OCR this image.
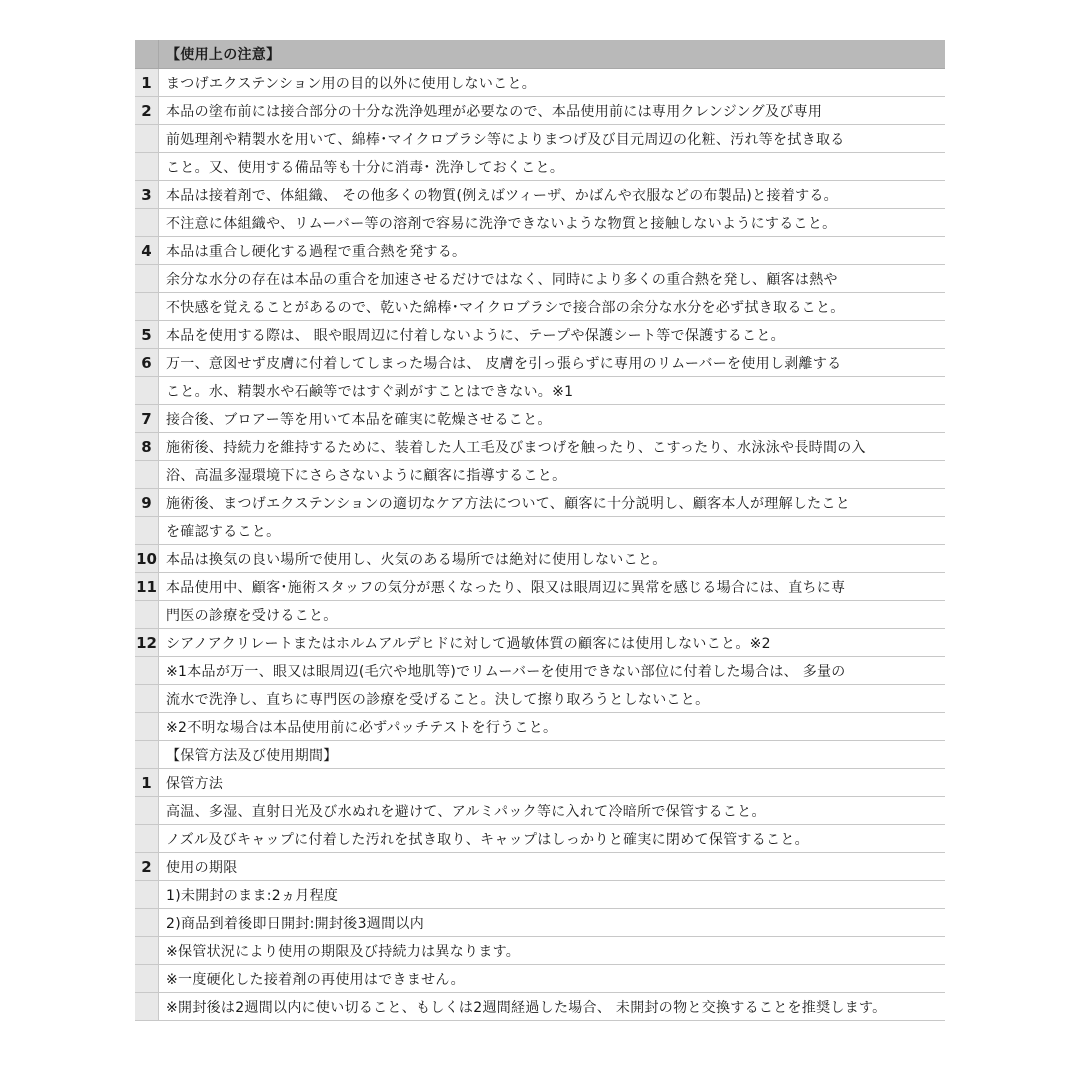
【使用上の注意】
1	まつげエクステンション用の目的以外に使用しないこと。
2	本品の塗布前には接合部分の十分な洗浄処理が必要なので、本品使用前には専用クレンジング及び専用
前処理剤や精製水を用いて、綿棒･マイクロブラシ等によりまつげ及び目元周辺の化粧、汚れ等を拭き取る
こと。又、使用する備品等も十分に消毒･ 洗浄しておくこと。
3	本品は接着剤で、体組織、 その他多くの物質(例えばツィーザ、かばんや衣服などの布製品)と接着する。
不注意に体組織や、リムーバー等の溶剤で容易に洗浄できないような物質と接触しないようにすること。
4	本品は重合し硬化する過程で重合熱を発する。
余分な水分の存在は本品の重合を加速させるだけではなく、同時により多くの重合熱を発し、顧客は熱や
不快感を覚えることがあるので、乾いた綿棒･マイクロブラシで接合部の余分な水分を必ず拭き取ること。
5	本品を使用する際は、 眼や眼周辺に付着しないように、テープや保護シート等で保護すること。
6	万一、意図せず皮膚に付着してしまった場合は、 皮膚を引っ張らずに専用のリムーバーを使用し剥離する
こと。水、精製水や石鹸等ではすぐ剥がすことはできない。※1
7	接合後、ブロアー等を用いて本品を確実に乾燥させること。
8	施術後、持続力を維持するために、装着した人工毛及びまつげを触ったり、こすったり、水泳泳や長時間の入
浴、高温多湿環境下にさらさないように顧客に指導すること。
9	施術後、まつげエクステンションの適切なケア方法について、顧客に十分説明し、顧客本人が理解したこと
を確認すること。
10 本品は換気の良い場所で使用し、火気のある場所では絶対に使用しないこと。
11 本品使用中、顧客･施術スタッフの気分が悪くなったり、限又は眼周辺に異常を感じる場合には、直ちに専
門医の診療を受けること。
12 シアノアクリレートまたはホルムアルデヒドに対して過敏体質の顧客には使用しないこと。※2
※1本品が万一、眼又は眼周辺(毛穴や地肌等)でリムーバーを使用できない部位に付着した場合は、 多量の
流水で洗浄し、直ちに専門医の診療を受げること。決して擦り取ろうとしないこと。
※2不明な場合は本品使用前に必ずパッチテストを行うこと。
【保管方法及び使用期間】
1	保管方法
高温、多湿、直射日光及び水ぬれを避けて、アルミパック等に入れて冷暗所で保管すること。
ノズル及びキャップに付着した汚れを拭き取り、キャップはしっかりと確実に閉めて保管すること。
2	使用の期限
1)未開封のまま:2ヵ月程度
2)商品到着後即日開封:開封後3週間以内
※保管状況により使用の期限及び持続力は異なります。
※一度硬化した接着剤の再使用はできません。
※開封後は2週間以内に使い切ること、もしくは2週間経過した場合、 未開封の物と交換することを推奨します。
